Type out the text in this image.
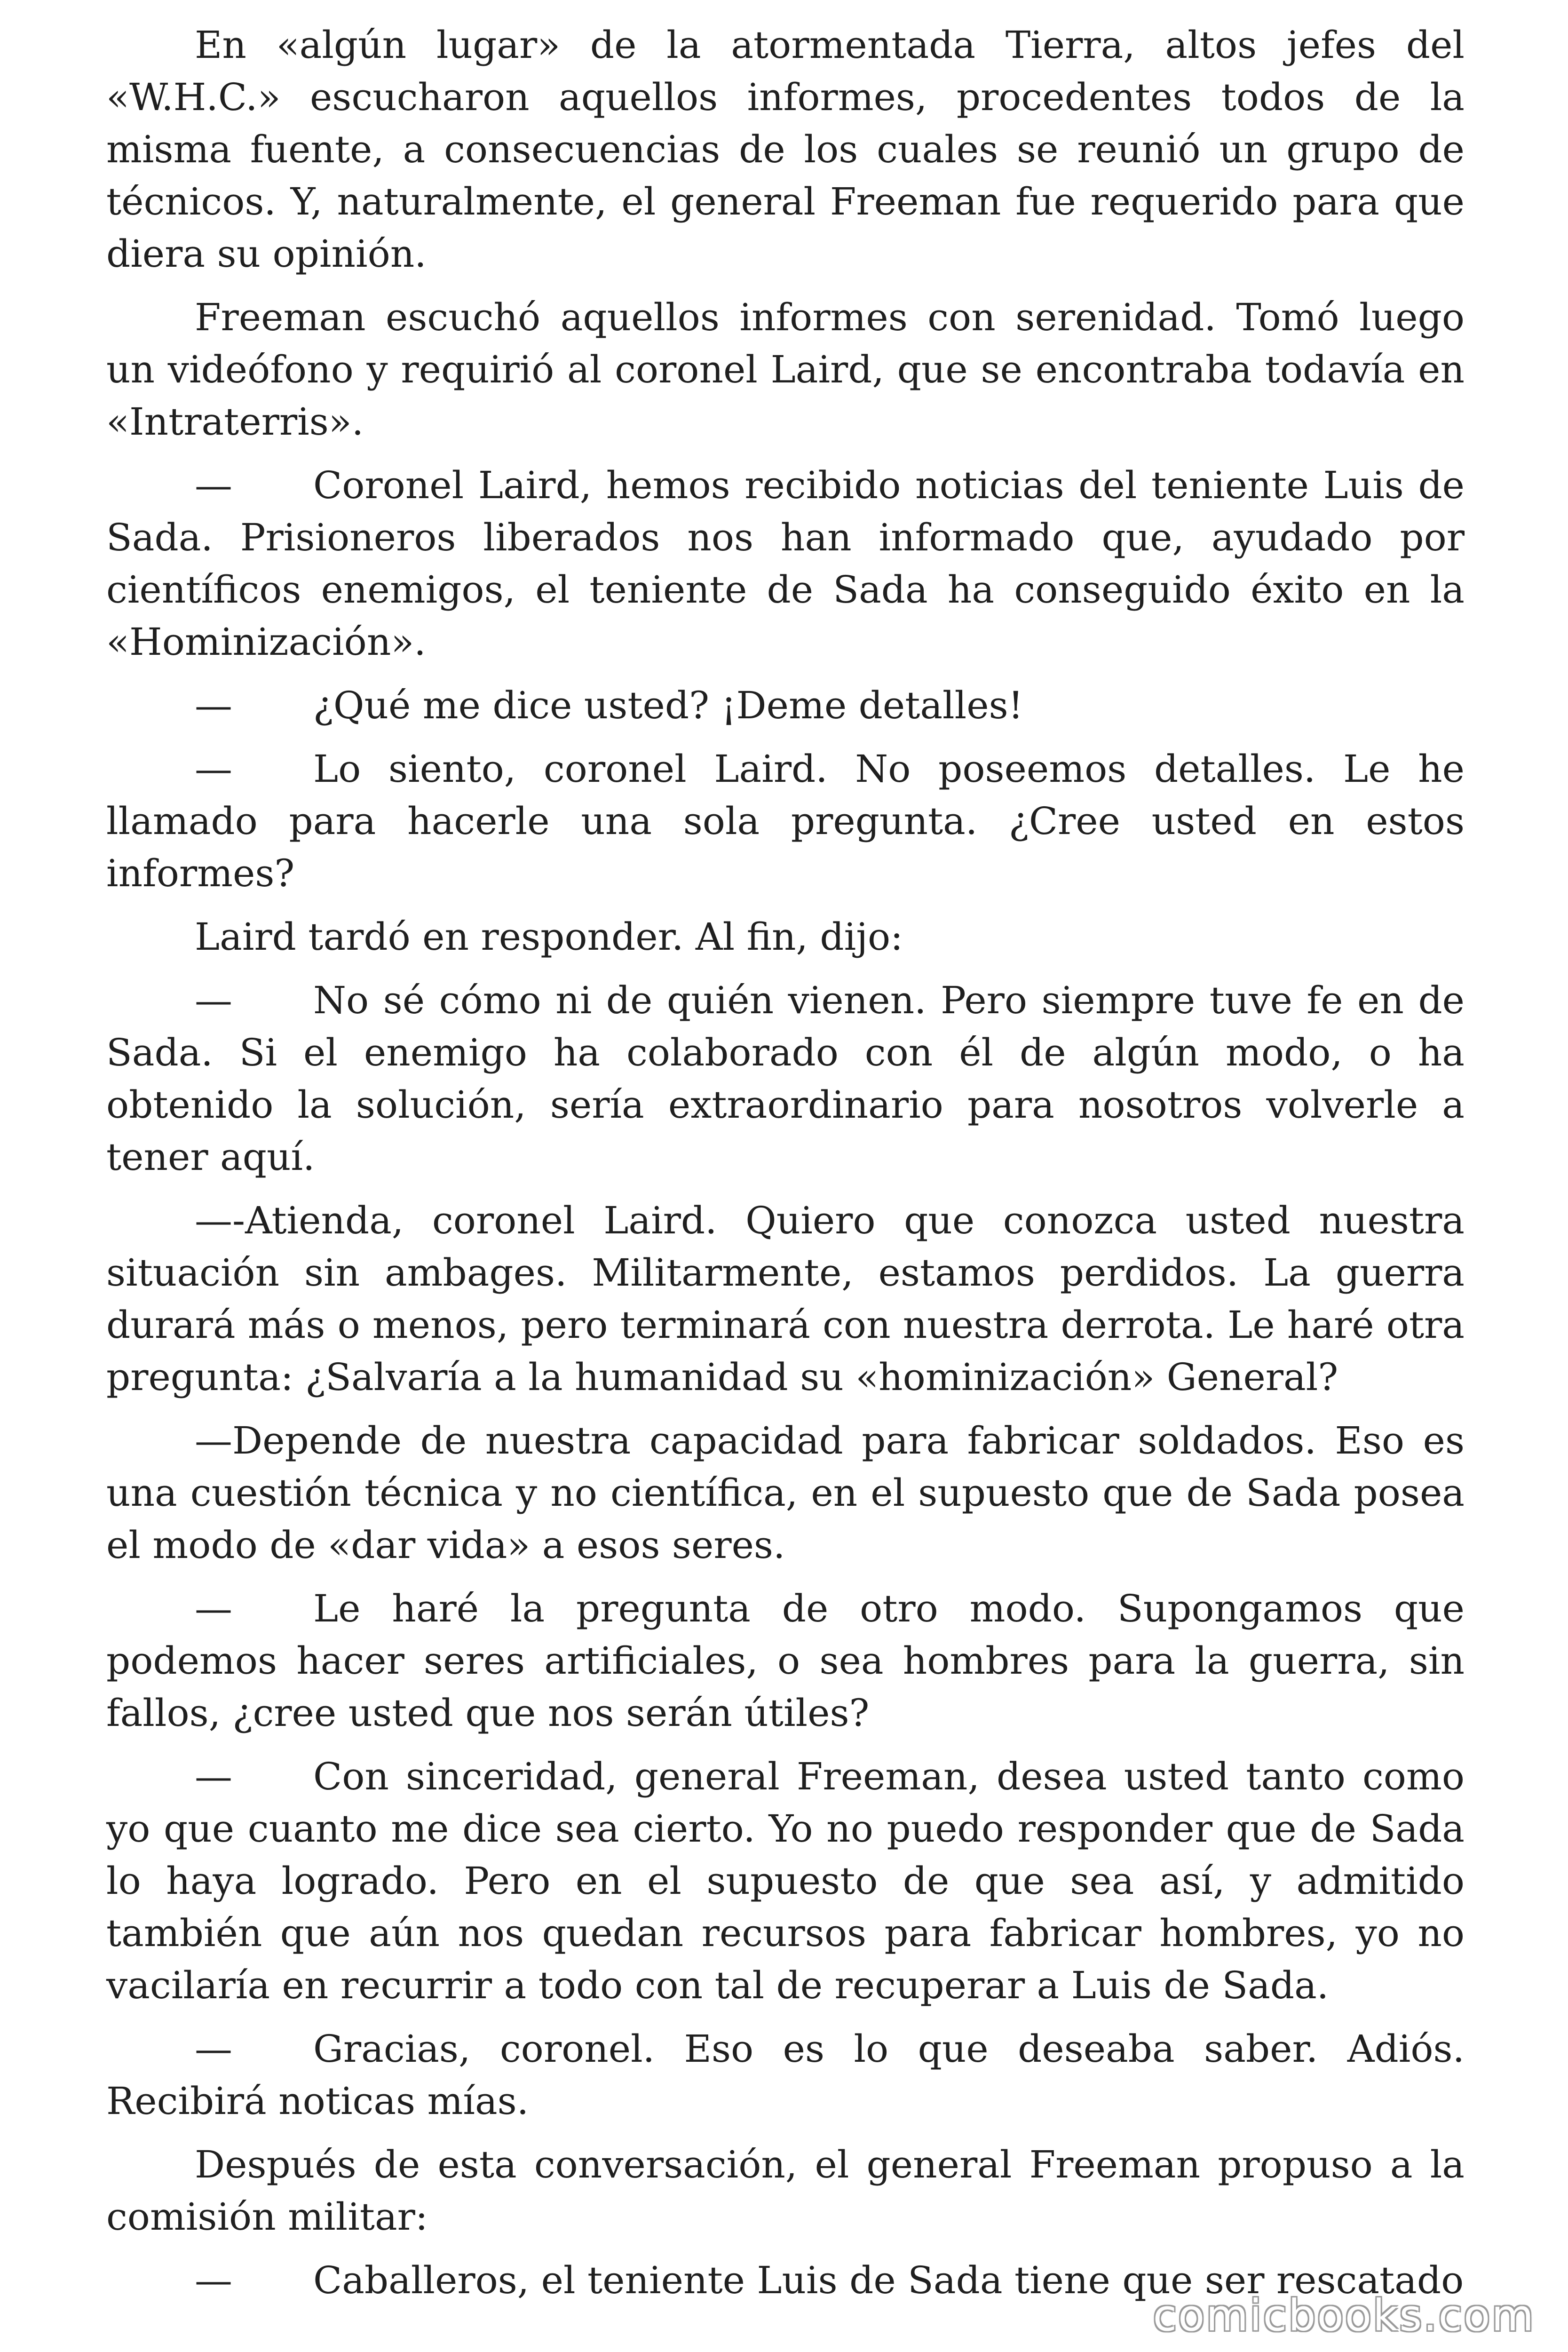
En «algún lugar» de la atormentada Tierra, altos jefes del «W.H.C.» escucharon aquellos informes, procedentes todos de la misma fuente, a consecuencias de los cuales se reunió un grupo de técnicos. Y, naturalmente, el general Freeman fue requerido para que diera su opinión.

Freeman escuchó aquellos informes con serenidad. Tomó luego un videófono y requirió al coronel Laird, que se encontraba todavía en «Intraterris».

— Coronel Laird, hemos recibido noticias del teniente Luis de Sada. Prisioneros liberados nos han informado que, ayudado por científicos enemigos, el teniente de Sada ha conseguido éxito en la «Hominización».

— ¿Qué me dice usted? ¡Deme detalles!

— Lo siento, coronel Laird. No poseemos detalles. Le he llamado para hacerle una sola pregunta. ¿Cree usted en estos informes?

Laird tardó en responder. Al fin, dijo:

— No sé cómo ni de quién vienen. Pero siempre tuve fe en de Sada. Si el enemigo ha colaborado con él de algún modo, o ha obtenido la solución, sería extraordinario para nosotros volverle a tener aquí.

—-Atienda, coronel Laird. Quiero que conozca usted nuestra situación sin ambages. Militarmente, estamos perdidos. La guerra durará más o menos, pero terminará con nuestra derrota. Le haré otra pregunta: ¿Salvaría a la humanidad su «hominización» General?

—Depende de nuestra capacidad para fabricar soldados. Eso es una cuestión técnica y no científica, en el supuesto que de Sada posea el modo de «dar vida» a esos seres.

— Le haré la pregunta de otro modo. Supongamos que podemos hacer seres artificiales, o sea hombres para la guerra, sin fallos, ¿cree usted que nos serán útiles?

— Con sinceridad, general Freeman, desea usted tanto como yo que cuanto me dice sea cierto. Yo no puedo responder que de Sada lo haya logrado. Pero en el supuesto de que sea así, y admitido también que aún nos quedan recursos para fabricar hombres, yo no vacilaría en recurrir a todo con tal de recuperar a Luis de Sada.

— Gracias, coronel. Eso es lo que deseaba saber. Adiós. Recibirá noticas mías.

Después de esta conversación, el general Freeman propuso a la comisión militar:

— Caballeros, el teniente Luis de Sada tiene que ser rescatado

comicbooks.com
